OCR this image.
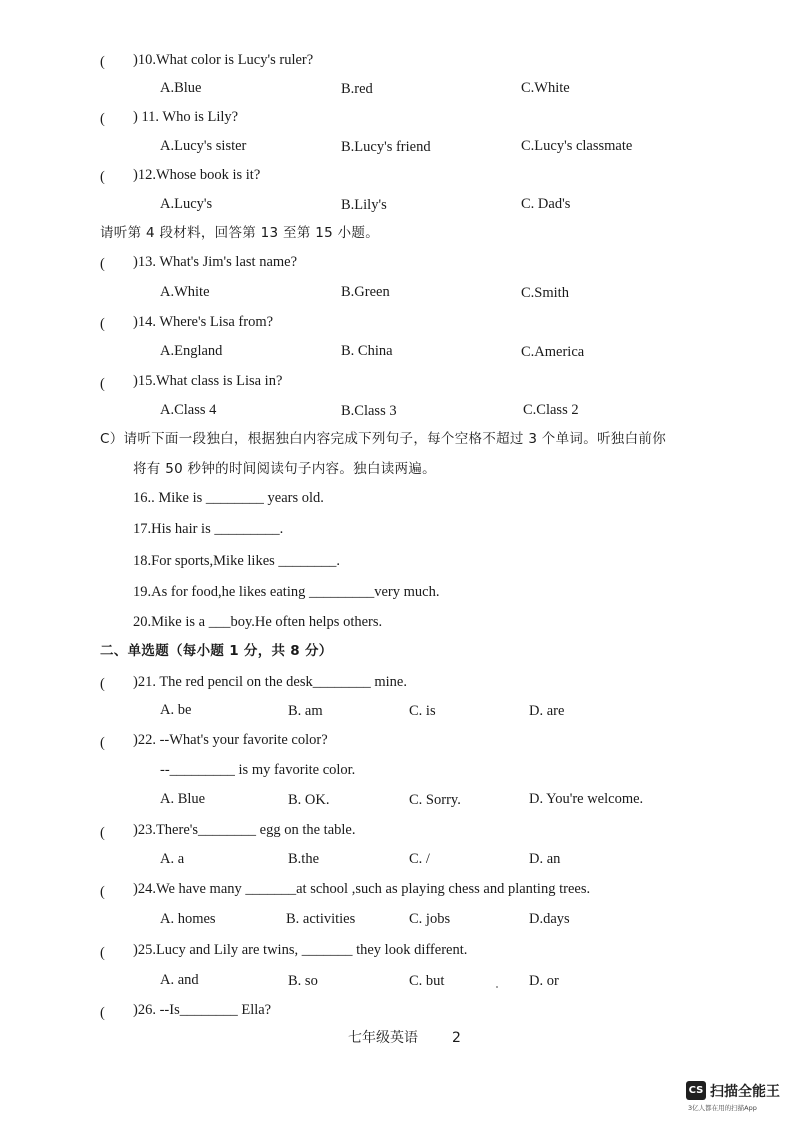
( )10.What color is Lucy's ruler?
A.Blue	B.red	C.White
( ) 11. Who is Lily?
A.Lucy's sister	B.Lucy's friend	C.Lucy's classmate
( )12.Whose book is it?
A.Lucy's	B.Lily's	C. Dad's
请听第 4 段材料，回答第 13 至第 15 小题。
( )13. What's Jim's last name?
A.White	B.Green	C.Smith
( )14. Where's Lisa from?
A.England	B. China	C.America
( )15.What class is Lisa in?
A.Class 4	B.Class 3	C.Class 2
C）请听下面一段独白，根据独白内容完成下列句子，每个空格不超过 3 个单词。听独白前你
将有 50 秒钟的时间阅读句子内容。独白读两遍。
16.. Mike is ________ years old.
17.His hair is _________.
18.For sports,Mike likes ________.
19.As for food,he likes eating _________very much.
20.Mike is a ___boy.He often helps others.
二、单选题（每小题 1 分，共 8 分）
( )21. The red pencil on the desk________ mine.
A. be	B. am	C. is	D. are
( )22. --What's your favorite color?
--_________ is my favorite color.
A. Blue	B. OK.	C. Sorry.	D. You're welcome.
( )23.There's________ egg on the table.
A. a	B.the	C. /	D. an
( )24.We have many _______at school ,such as playing chess and planting trees.
A. homes	B. activities	C. jobs	D.days
( )25.Lucy and Lily are twins, _______ they look different.
A. and	B. so	C. but	D. or
( )26. --Is________ Ella?
七年级英语 2
CS 扫描全能王
3亿人都在用的扫描App
